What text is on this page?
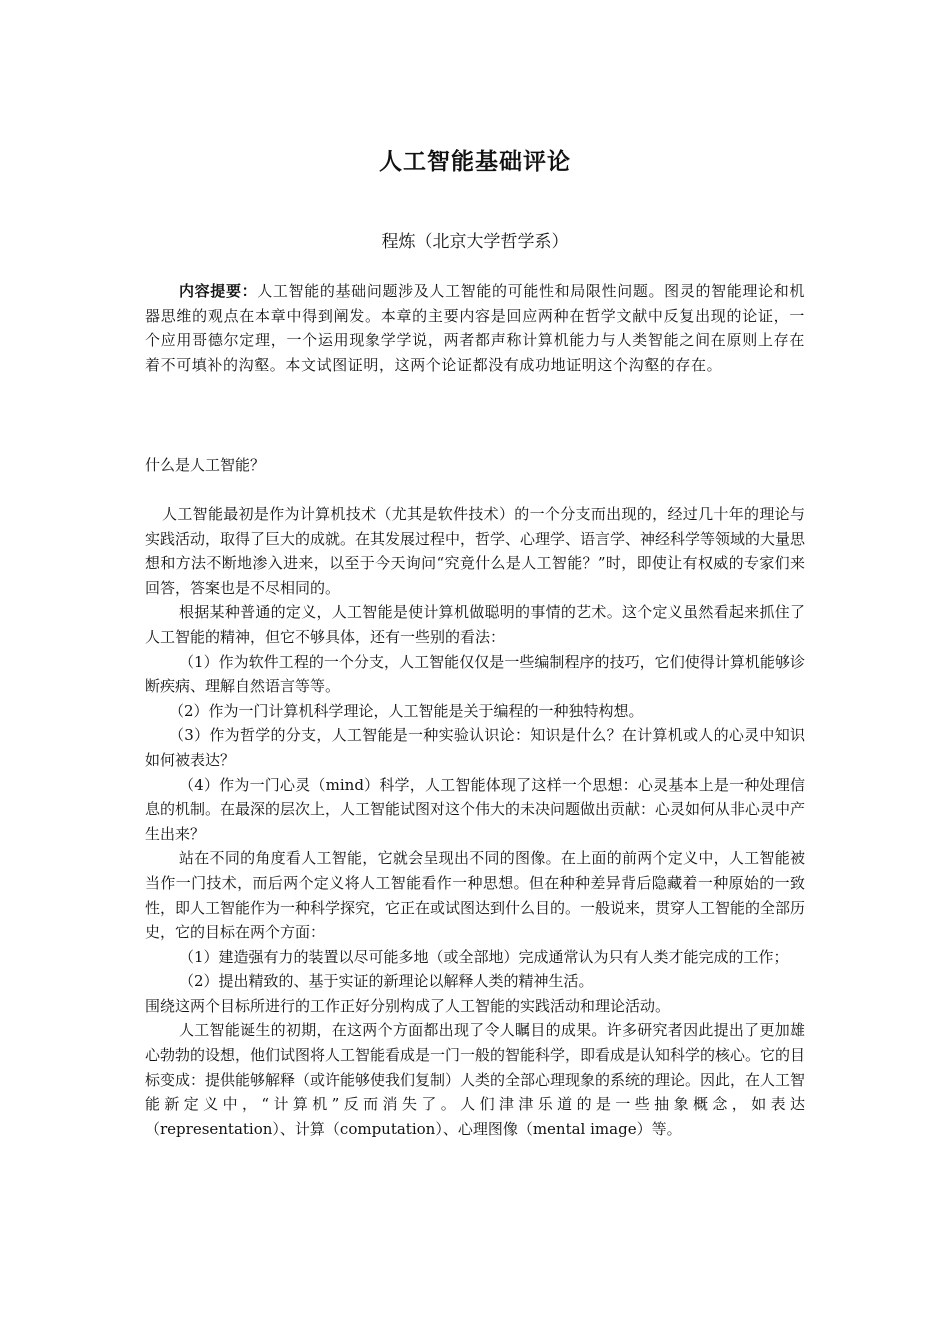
人工智能基础评论
程炼（北京大学哲学系）
内容提要：人工智能的基础问题涉及人工智能的可能性和局限性问题。图灵的智能理论和机器思维的观点在本章中得到阐发。本章的主要内容是回应两种在哲学文献中反复出现的论证，一个应用哥德尔定理，一个运用现象学学说，两者都声称计算机能力与人类智能之间在原则上存在着不可填补的沟壑。本文试图证明，这两个论证都没有成功地证明这个沟壑的存在。
什么是人工智能？

人工智能最初是作为计算机技术（尤其是软件技术）的一个分支而出现的，经过几十年的理论与实践活动，取得了巨大的成就。在其发展过程中，哲学、心理学、语言学、神经科学等领域的大量思想和方法不断地渗入进来，以至于今天询问“究竟什么是人工智能？”时，即使让有权威的专家们来回答，答案也是不尽相同的。

根据某种普通的定义，人工智能是使计算机做聪明的事情的艺术。这个定义虽然看起来抓住了人工智能的精神，但它不够具体，还有一些别的看法：

（1）作为软件工程的一个分支，人工智能仅仅是一些编制程序的技巧，它们使得计算机能够诊断疾病、理解自然语言等等。

（2）作为一门计算机科学理论，人工智能是关于编程的一种独特构想。

（3）作为哲学的分支，人工智能是一种实验认识论：知识是什么？在计算机或人的心灵中知识如何被表达？

（4）作为一门心灵（mind）科学，人工智能体现了这样一个思想：心灵基本上是一种处理信息的机制。在最深的层次上，人工智能试图对这个伟大的未决问题做出贡献：心灵如何从非心灵中产生出来？

站在不同的角度看人工智能，它就会呈现出不同的图像。在上面的前两个定义中，人工智能被当作一门技术，而后两个定义将人工智能看作一种思想。但在种种差异背后隐藏着一种原始的一致性，即人工智能作为一种科学探究，它正在或试图达到什么目的。一般说来，贯穿人工智能的全部历史，它的目标在两个方面：

（1）建造强有力的装置以尽可能多地（或全部地）完成通常认为只有人类才能完成的工作；

（2）提出精致的、基于实证的新理论以解释人类的精神生活。

围绕这两个目标所进行的工作正好分别构成了人工智能的实践活动和理论活动。

人工智能诞生的初期，在这两个方面都出现了令人瞩目的成果。许多研究者因此提出了更加雄心勃勃的设想，他们试图将人工智能看成是一门一般的智能科学，即看成是认知科学的核心。它的目标变成：提供能够解释（或许能够使我们复制）人类的全部心理现象的系统的理论。因此，在人工智能新定义中，“计算机”反而消失了。人们津津乐道的是一些抽象概念，如表达（representation）、计算（computation）、心理图像（mental image）等。
